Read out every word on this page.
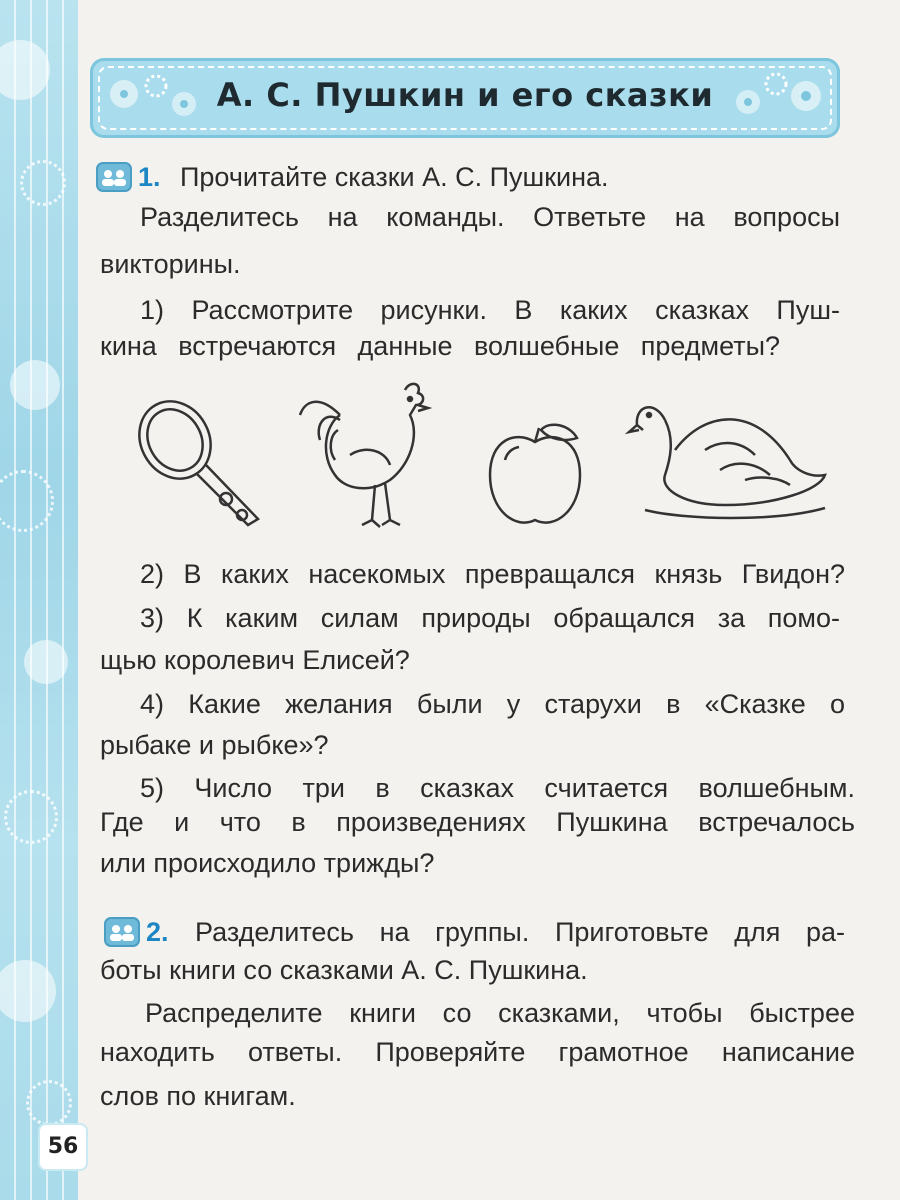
А. С. Пушкин и его сказки
1. Прочитайте сказки А. С. Пушкина.
Разделитесь на команды. Ответьте на вопросы
викторины.
1) Рассмотрите рисунки. В каких сказках Пуш-
кина встречаются данные волшебные предметы?
2) В каких насекомых превращался князь Гвидон?
3) К каким силам природы обращался за помо-
щью королевич Елисей?
4) Какие желания были у старухи в «Сказке о
рыбаке и рыбке»?
5) Число три в сказках считается волшебным.
Где и что в произведениях Пушкина встречалось
или происходило трижды?
2. Разделитесь на группы. Приготовьте для ра-
боты книги со сказками А. С. Пушкина.
Распределите книги со сказками, чтобы быстрее
находить ответы. Проверяйте грамотное написание
слов по книгам.
56
